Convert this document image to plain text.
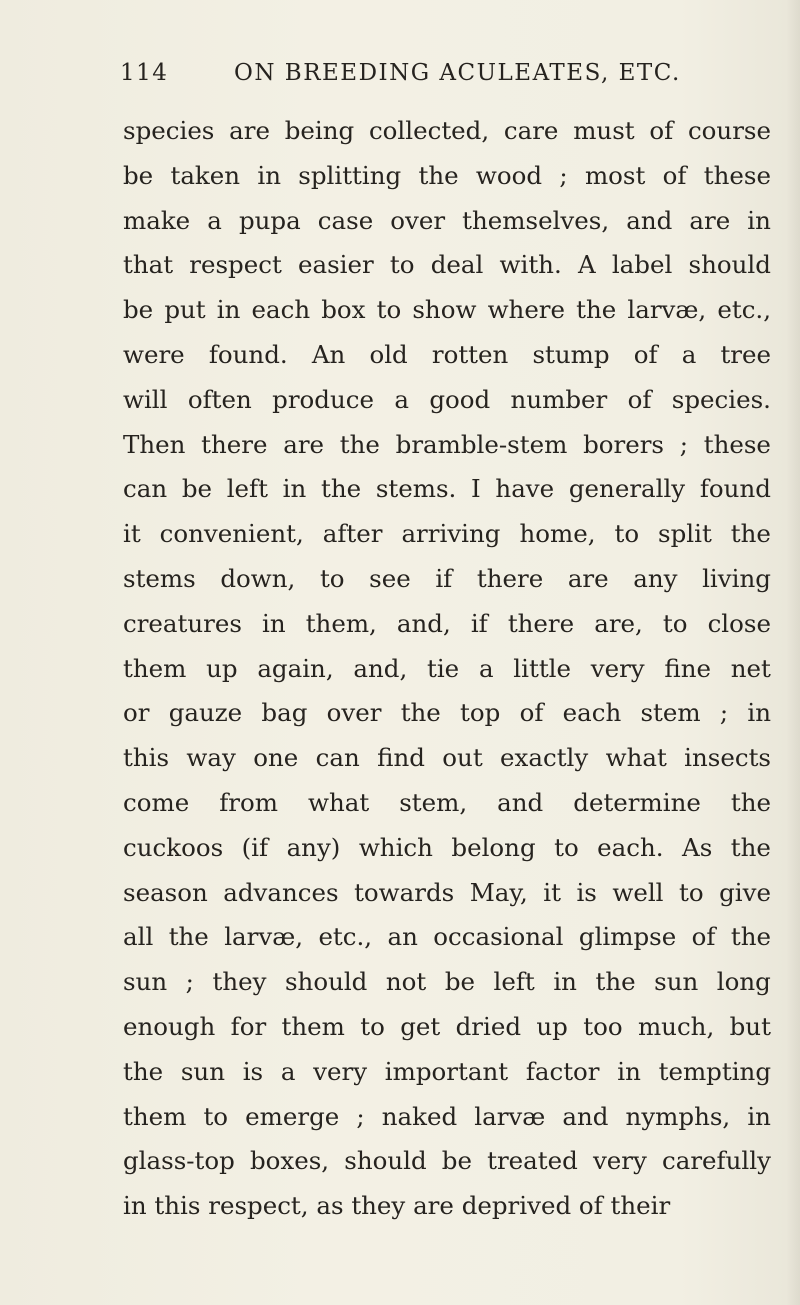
114	ON BREEDING ACULEATES, ETC.
species are being collected, care must of course
be taken in splitting the wood ; most of these
make a pupa case over themselves, and are in
that respect easier to deal with. A label should
be put in each box to show where the larvæ, etc.,
were found. An old rotten stump of a tree
will often produce a good number of species.
Then there are the bramble-stem borers ; these
can be left in the stems. I have generally found
it convenient, after arriving home, to split the
stems down, to see if there are any living
creatures in them, and, if there are, to close
them up again, and, tie a little very fine net
or gauze bag over the top of each stem ; in
this way one can find out exactly what insects
come from what stem, and determine the
cuckoos (if any) which belong to each. As the
season advances towards May, it is well to give
all the larvæ, etc., an occasional glimpse of the
sun ; they should not be left in the sun long
enough for them to get dried up too much, but
the sun is a very important factor in tempting
them to emerge ; naked larvæ and nymphs, in
glass-top boxes, should be treated very carefully
in this respect, as they are deprived of their
